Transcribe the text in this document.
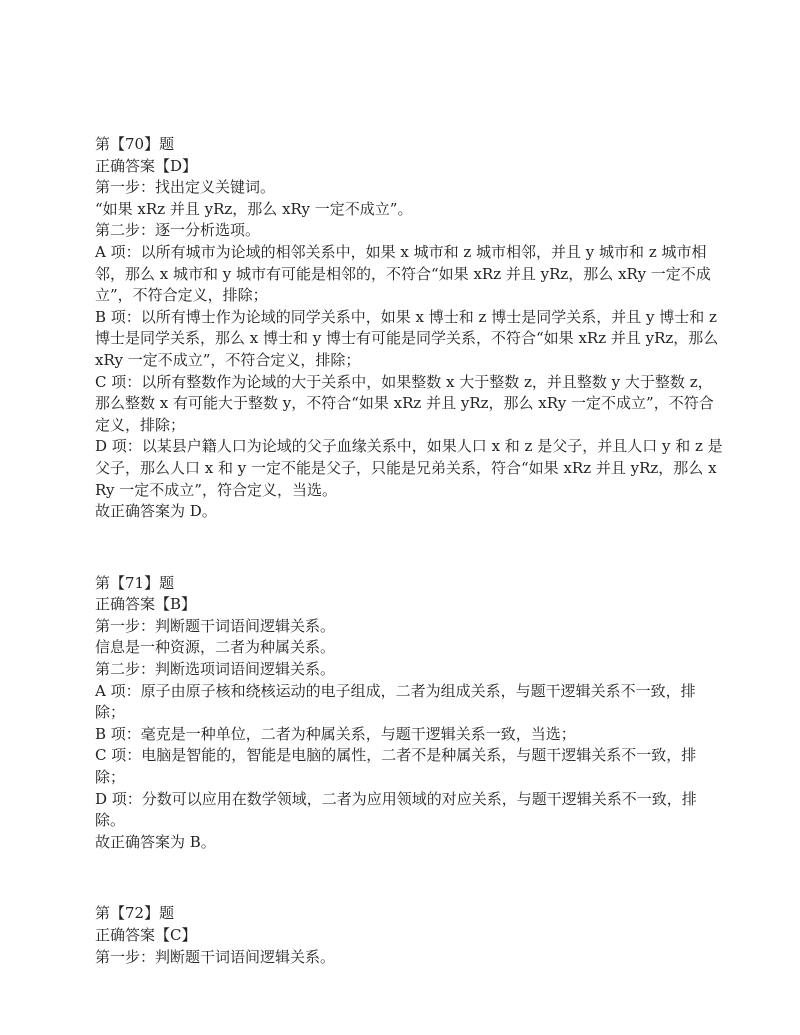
第【70】题
正确答案【D】
第一步：找出定义关键词。
“如果 xRz 并且 yRz，那么 xRy 一定不成立”。
第二步：逐一分析选项。
A 项：以所有城市为论域的相邻关系中，如果 x 城市和 z 城市相邻，并且 y 城市和 z 城市相邻，那么 x 城市和 y 城市有可能是相邻的，不符合“如果 xRz 并且 yRz，那么 xRy 一定不成立”，不符合定义，排除；
B 项：以所有博士作为论域的同学关系中，如果 x 博士和 z 博士是同学关系，并且 y 博士和 z 博士是同学关系，那么 x 博士和 y 博士有可能是同学关系，不符合“如果 xRz 并且 yRz，那么 xRy 一定不成立”，不符合定义，排除；
C 项：以所有整数作为论域的大于关系中，如果整数 x 大于整数 z，并且整数 y 大于整数 z，那么整数 x 有可能大于整数 y，不符合“如果 xRz 并且 yRz，那么 xRy 一定不成立”，不符合定义，排除；
D 项：以某县户籍人口为论域的父子血缘关系中，如果人口 x 和 z 是父子，并且人口 y 和 z 是父子，那么人口 x 和 y 一定不能是父子，只能是兄弟关系，符合“如果 xRz 并且 yRz，那么 xRy 一定不成立”，符合定义，当选。
故正确答案为 D。
第【71】题
正确答案【B】
第一步：判断题干词语间逻辑关系。
信息是一种资源，二者为种属关系。
第二步：判断选项词语间逻辑关系。
A 项：原子由原子核和绕核运动的电子组成，二者为组成关系，与题干逻辑关系不一致，排除；
B 项：毫克是一种单位，二者为种属关系，与题干逻辑关系一致，当选；
C 项：电脑是智能的，智能是电脑的属性，二者不是种属关系，与题干逻辑关系不一致，排除；
D 项：分数可以应用在数学领域，二者为应用领域的对应关系，与题干逻辑关系不一致，排除。
故正确答案为 B。
第【72】题
正确答案【C】
第一步：判断题干词语间逻辑关系。
